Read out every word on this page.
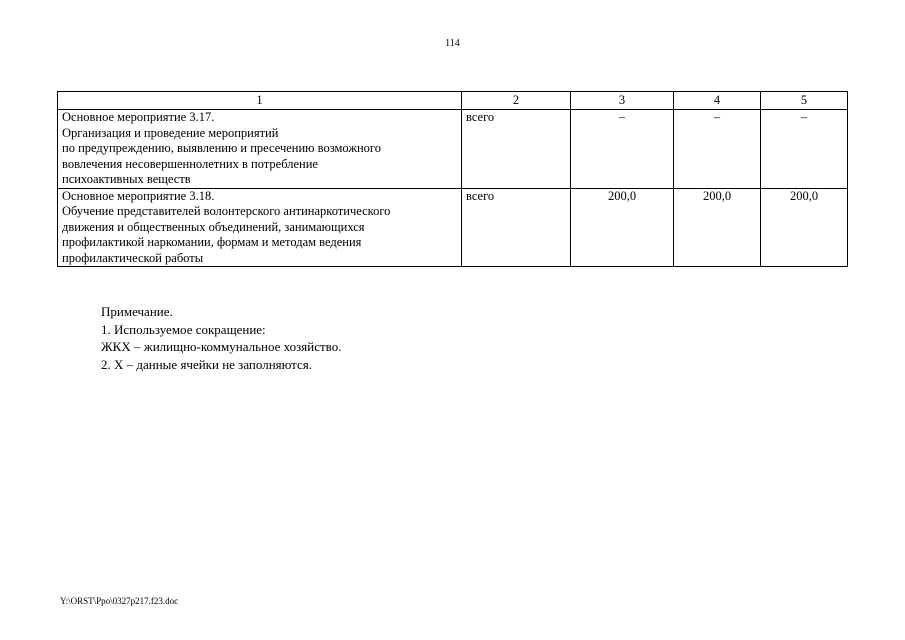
114
1	2	3	4	5

Основное мероприятие 3.17.
Организация и проведение мероприятий
по предупреждению, выявлению и пресечению возможного
вовлечения несовершеннолетних в потребление
психоактивных веществ	всего	–	–	–

Основное мероприятие 3.18.
Обучение представителей волонтерского антинаркотического
движения и общественных объединений, занимающихся
профилактикой наркомании, формам и методам ведения
профилактической работы	всего	200,0	200,0	200,0
Примечание.
1. Используемое сокращение:
ЖКХ – жилищно-коммунальное хозяйство.
2. Х – данные ячейки не заполняются.
Y:\ORST\Ppo\0327p217.f23.doc
